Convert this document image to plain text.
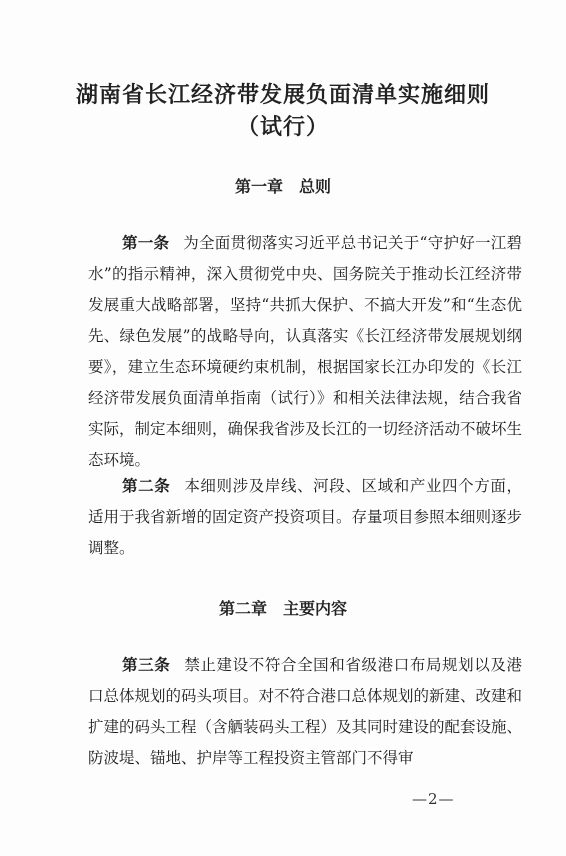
湖南省长江经济带发展负面清单实施细则
（试行）
第一章 总则

第一条 为全面贯彻落实习近平总书记关于“守护好一江碧水”的指示精神，深入贯彻党中央、国务院关于推动长江经济带发展重大战略部署，坚持“共抓大保护、不搞大开发”和“生态优先、绿色发展”的战略导向，认真落实《长江经济带发展规划纲要》，建立生态环境硬约束机制，根据国家长江办印发的《长江经济带发展负面清单指南（试行）》和相关法律法规，结合我省实际，制定本细则，确保我省涉及长江的一切经济活动不破坏生态环境。

第二条 本细则涉及岸线、河段、区域和产业四个方面，适用于我省新增的固定资产投资项目。存量项目参照本细则逐步调整。

第二章 主要内容

第三条 禁止建设不符合全国和省级港口布局规划以及港口总体规划的码头项目。对不符合港口总体规划的新建、改建和扩建的码头工程（含舾装码头工程）及其同时建设的配套设施、防波堤、锚地、护岸等工程投资主管部门不得审

—2—
